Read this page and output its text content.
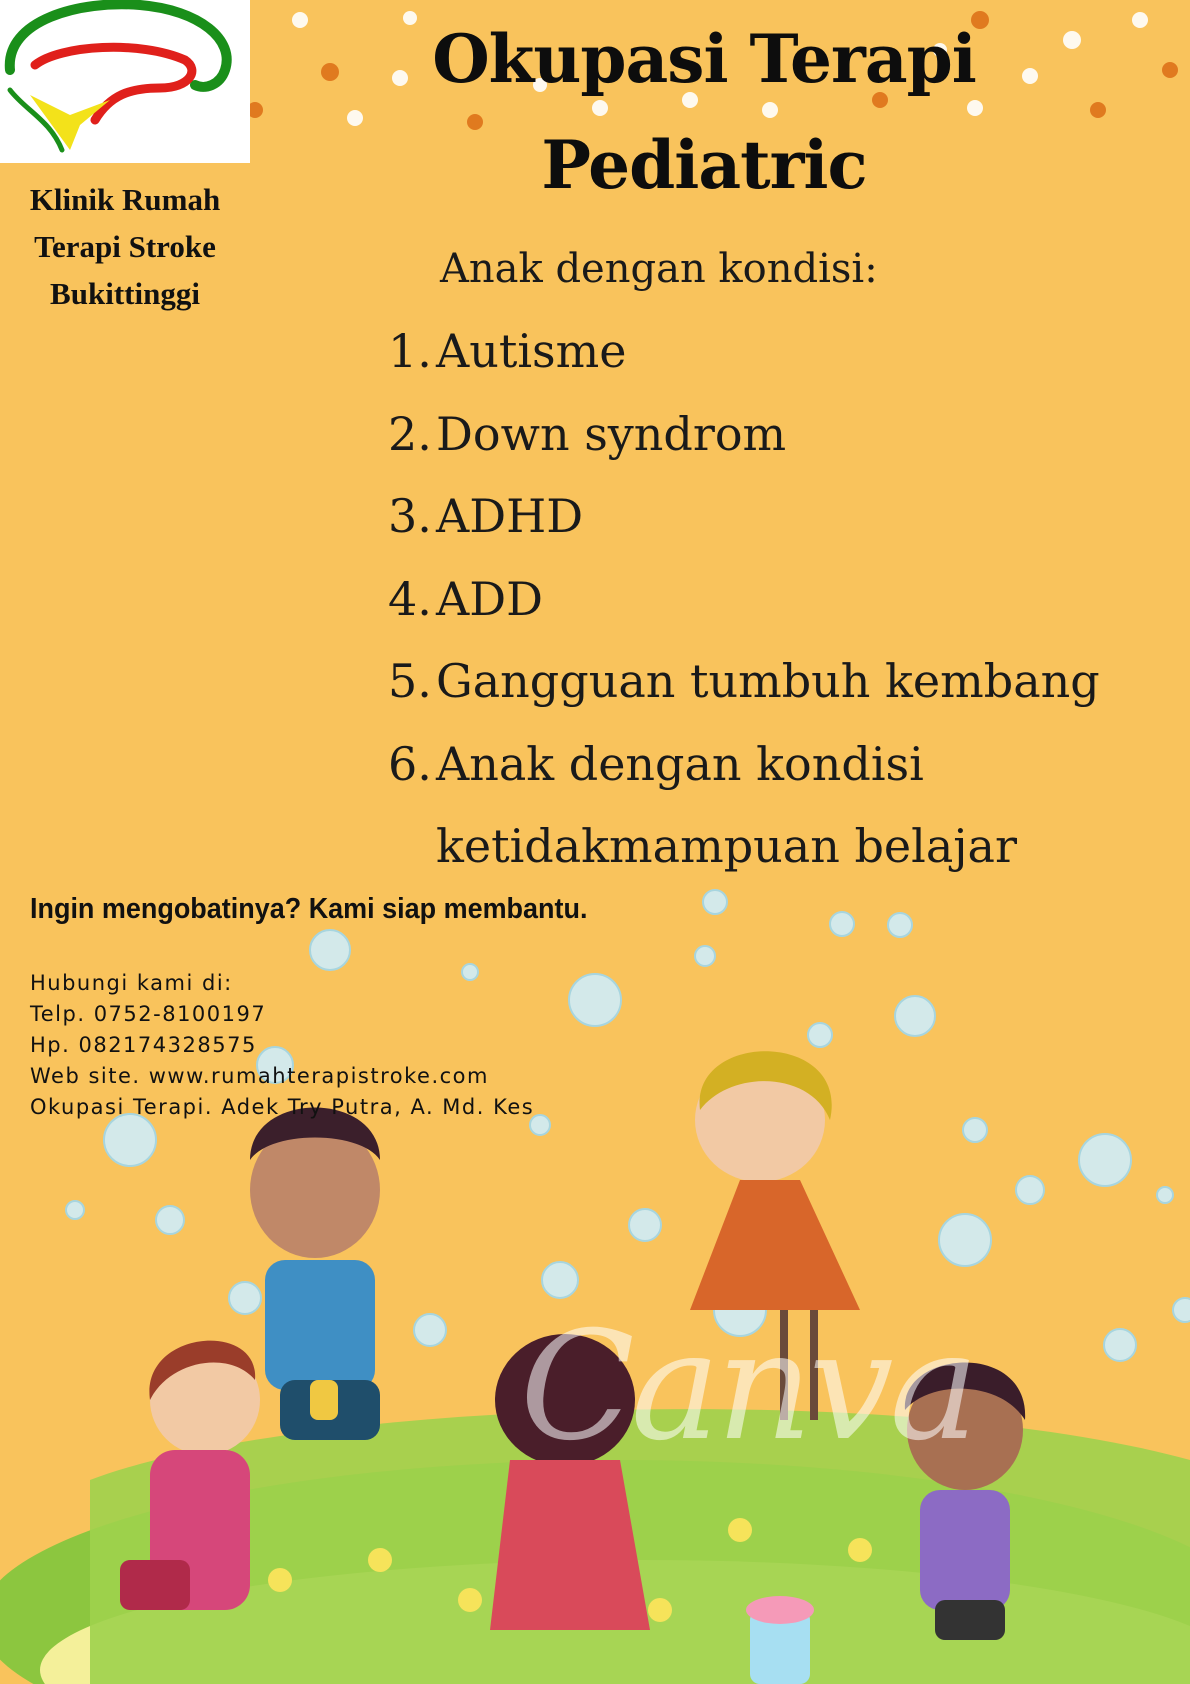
Klinik Rumah
Terapi Stroke
Bukittinggi
Okupasi Terapi
Pediatric
Anak dengan kondisi:
1. Autisme
2. Down syndrom
3. ADHD
4. ADD
5. Gangguan tumbuh kembang
6. Anak dengan kondisi ketidakmampuan belajar
Canva
Ingin mengobatinya? Kami siap membantu.
Hubungi kami di:
Telp. 0752-8100197
Hp. 082174328575
Web site. www.rumahterapistroke.com
Okupasi Terapi. Adek Try Putra, A. Md. Kes
